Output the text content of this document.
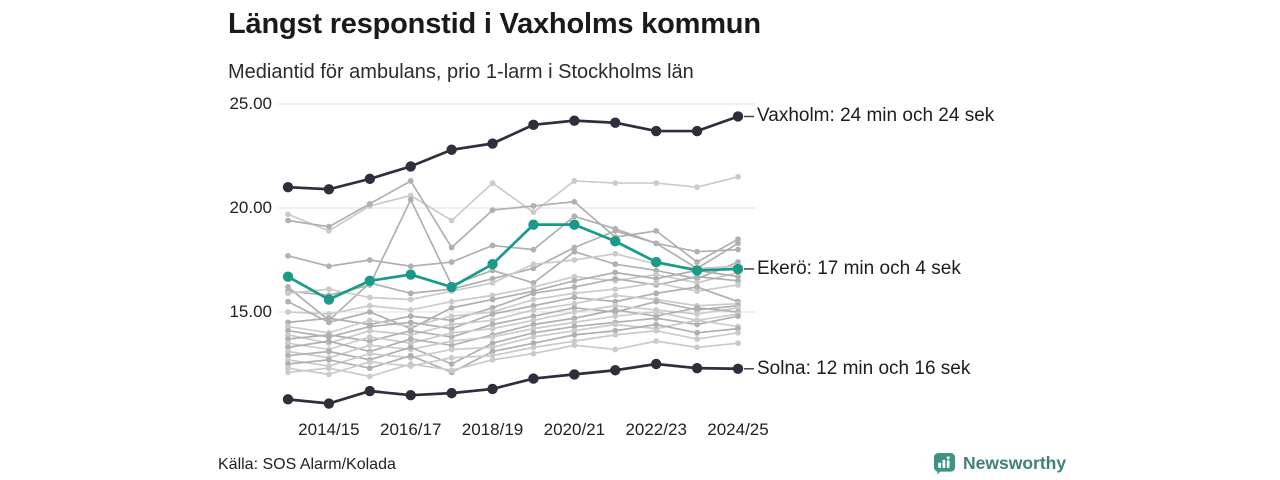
Längst responstid i Vaxholms kommun
Mediantid för ambulans, prio 1-larm i Stockholms län
25.00
20.00
15.00
2014/15 2016/17 2018/19 2020/21 2022/23 2024/25
Vaxholm: 24 min och 24 sek
Ekerö: 17 min och 4 sek
Solna: 12 min och 16 sek
Källa: SOS Alarm/Kolada	Newsworthy
